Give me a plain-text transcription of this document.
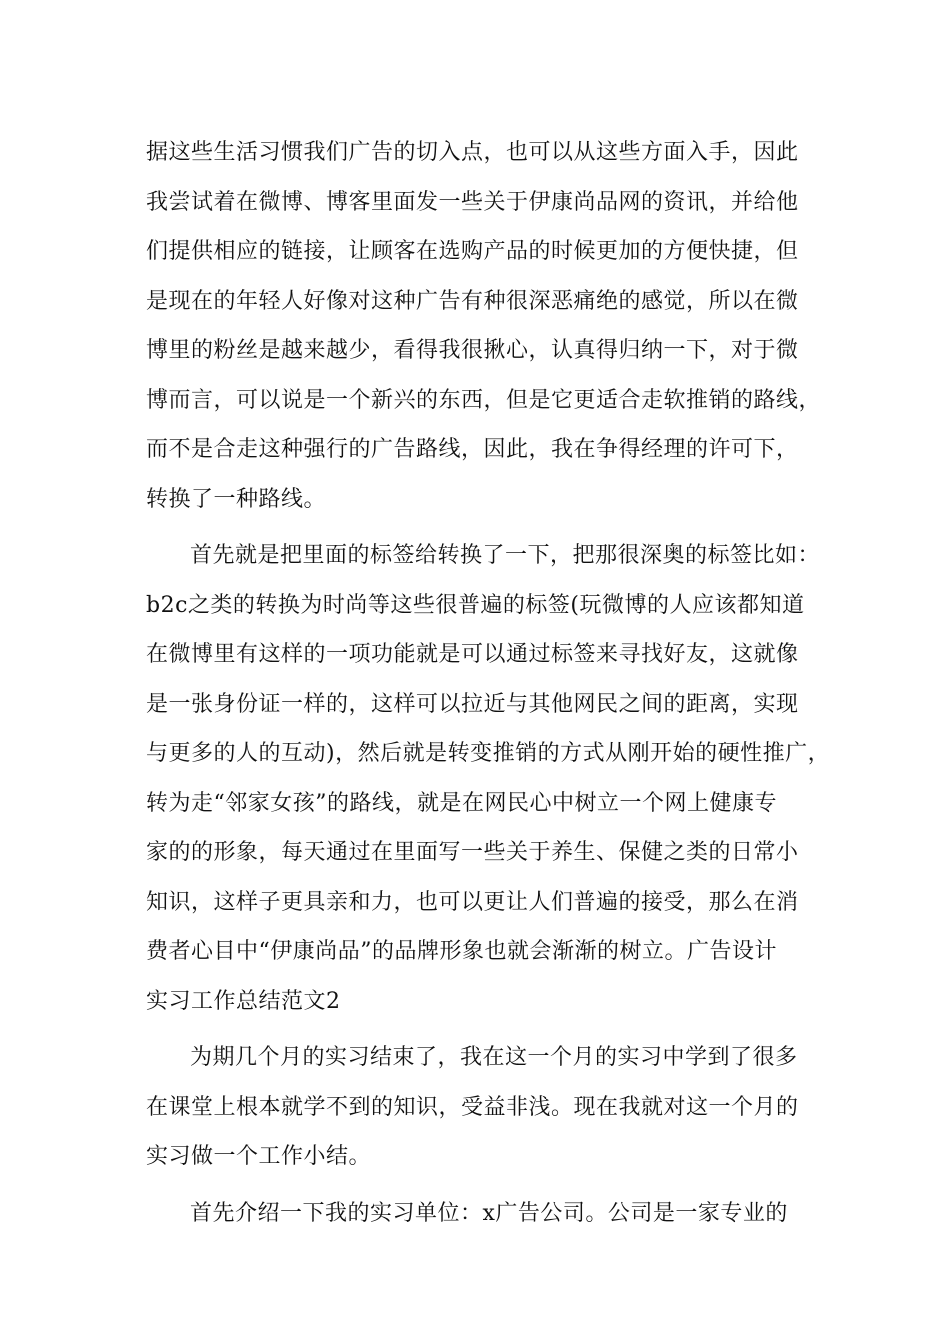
据这些生活习惯我们广告的切入点，也可以从这些方面入手，因此
我尝试着在微博、博客里面发一些关于伊康尚品网的资讯，并给他
们提供相应的链接，让顾客在选购产品的时候更加的方便快捷，但
是现在的年轻人好像对这种广告有种很深恶痛绝的感觉，所以在微
博里的粉丝是越来越少，看得我很揪心，认真得归纳一下，对于微
博而言，可以说是一个新兴的东西，但是它更适合走软推销的路线，
而不是合走这种强行的广告路线，因此，我在争得经理的许可下，
转换了一种路线。
首先就是把里面的标签给转换了一下，把那很深奥的标签比如：
b2c之类的转换为时尚等这些很普遍的标签(玩微博的人应该都知道
在微博里有这样的一项功能就是可以通过标签来寻找好友，这就像
是一张身份证一样的，这样可以拉近与其他网民之间的距离，实现
与更多的人的互动)，然后就是转变推销的方式从刚开始的硬性推广，
转为走“邻家女孩”的路线，就是在网民心中树立一个网上健康专
家的的形象，每天通过在里面写一些关于养生、保健之类的日常小
知识，这样子更具亲和力，也可以更让人们普遍的接受，那么在消
费者心目中“伊康尚品”的品牌形象也就会渐渐的树立。广告设计
实习工作总结范文2
为期几个月的实习结束了，我在这一个月的实习中学到了很多
在课堂上根本就学不到的知识，受益非浅。现在我就对这一个月的
实习做一个工作小结。
首先介绍一下我的实习单位：x广告公司。公司是一家专业的
